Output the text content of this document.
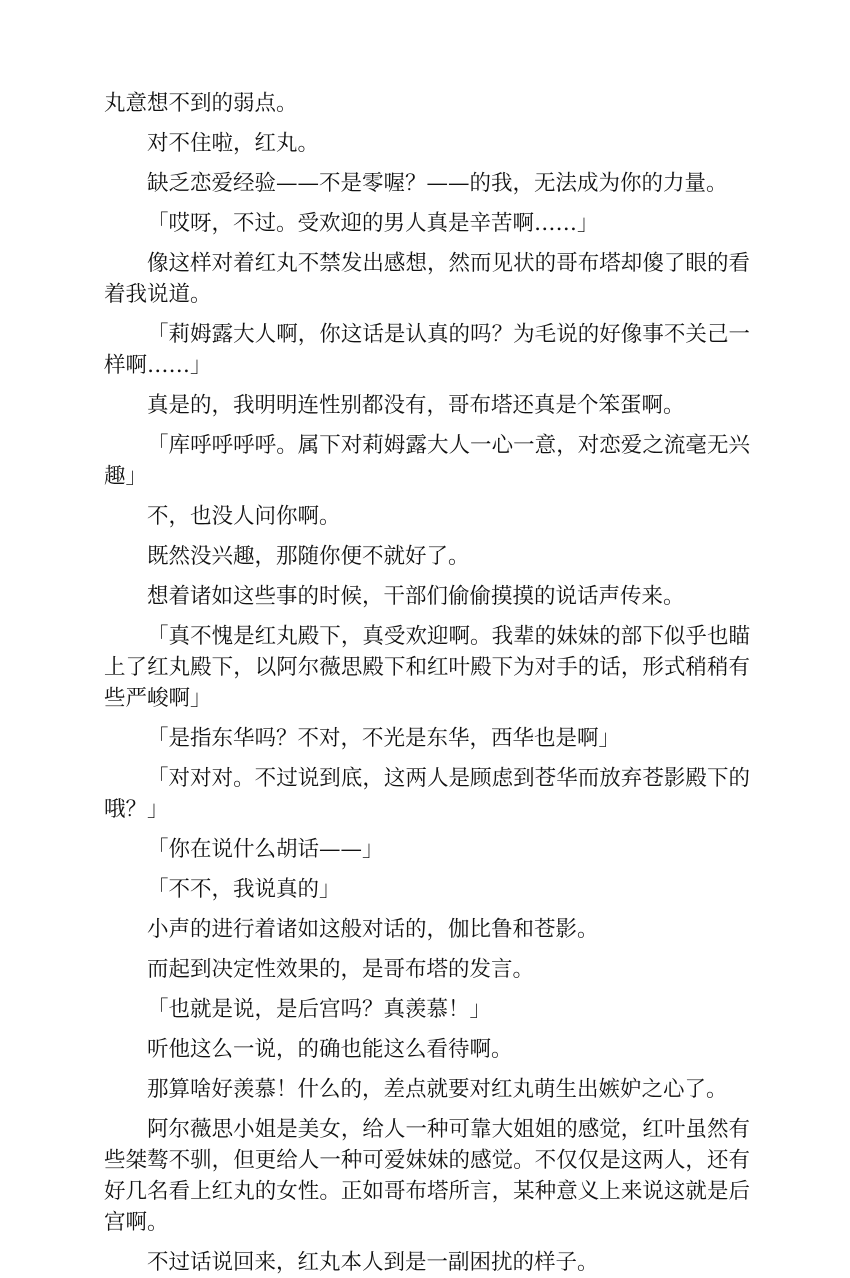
丸意想不到的弱点。

对不住啦，红丸。

缺乏恋爱经验——不是零喔？——的我，无法成为你的力量。

「哎呀，不过。受欢迎的男人真是辛苦啊……」

像这样对着红丸不禁发出感想，然而见状的哥布塔却傻了眼的看着我说道。

「莉姆露大人啊，你这话是认真的吗？为毛说的好像事不关己一样啊……」

真是的，我明明连性别都没有，哥布塔还真是个笨蛋啊。

「库呼呼呼呼。属下对莉姆露大人一心一意，对恋爱之流毫无兴趣」

不，也没人问你啊。

既然没兴趣，那随你便不就好了。

想着诸如这些事的时候，干部们偷偷摸摸的说话声传来。

「真不愧是红丸殿下，真受欢迎啊。我辈的妹妹的部下似乎也瞄上了红丸殿下，以阿尔薇思殿下和红叶殿下为对手的话，形式稍稍有些严峻啊」

「是指东华吗？不对，不光是东华，西华也是啊」

「对对对。不过说到底，这两人是顾虑到苍华而放弃苍影殿下的哦？」

「你在说什么胡话——」

「不不，我说真的」

小声的进行着诸如这般对话的，伽比鲁和苍影。

而起到决定性效果的，是哥布塔的发言。

「也就是说，是后宫吗？真羡慕！」

听他这么一说，的确也能这么看待啊。

那算啥好羡慕！什么的，差点就要对红丸萌生出嫉妒之心了。

阿尔薇思小姐是美女，给人一种可靠大姐姐的感觉，红叶虽然有些桀骜不驯，但更给人一种可爱妹妹的感觉。不仅仅是这两人，还有好几名看上红丸的女性。正如哥布塔所言，某种意义上来说这就是后宫啊。

不过话说回来，红丸本人到是一副困扰的样子。
